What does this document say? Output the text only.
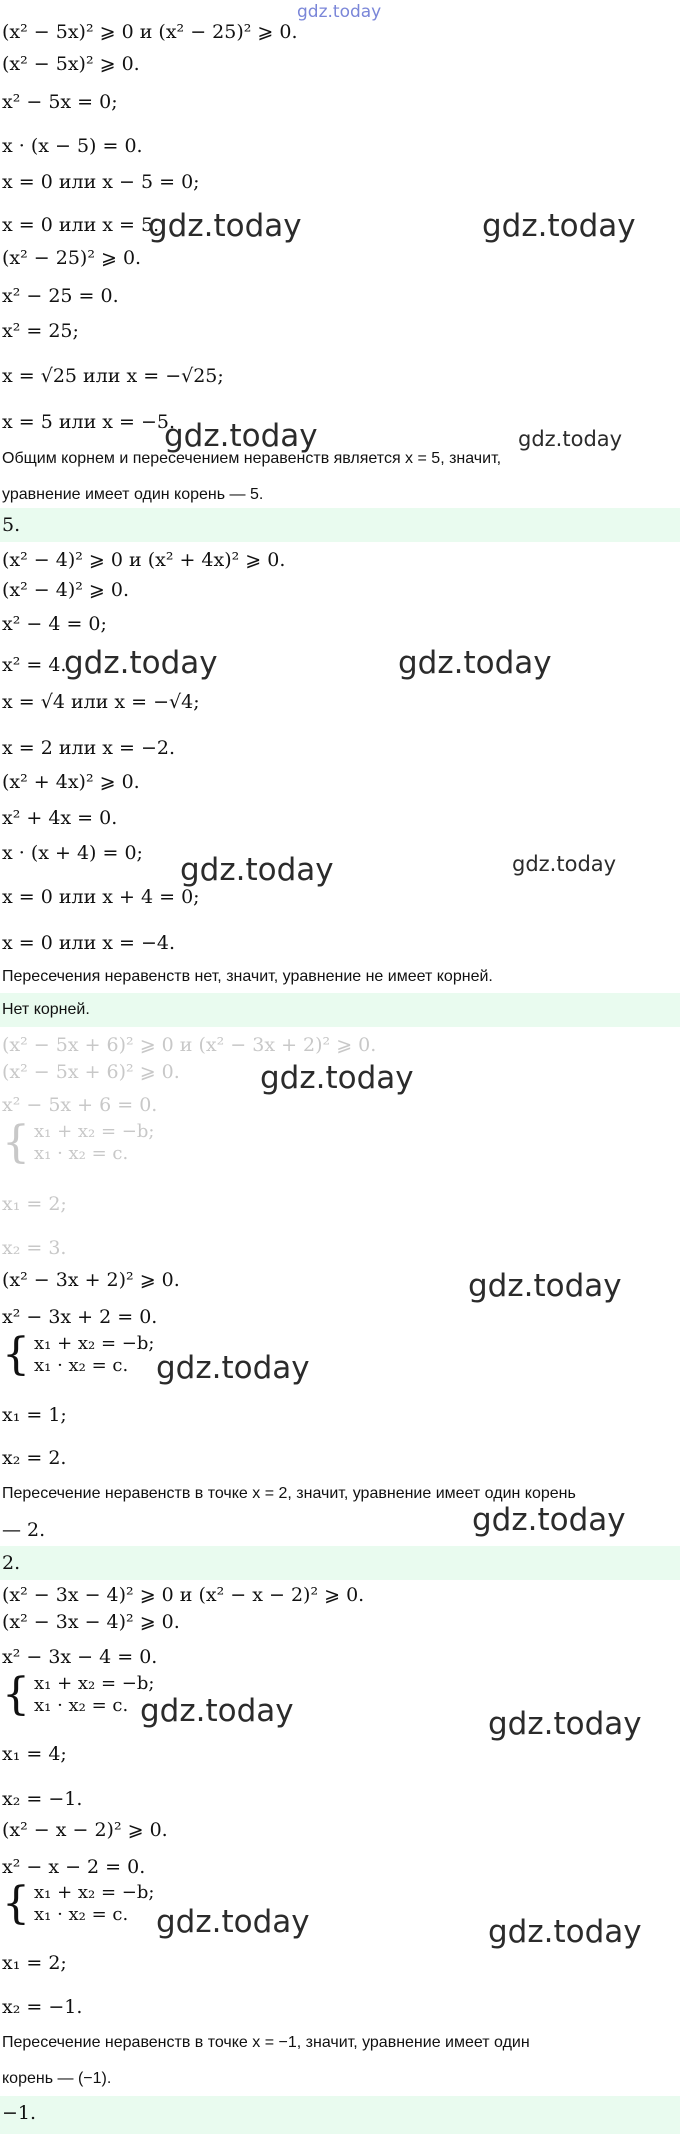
gdz.today
(x² − 5x)² ⩾ 0 и (x² − 25)² ⩾ 0.
(x² − 5x)² ⩾ 0.
x² − 5x = 0;
x · (x − 5) = 0.
x = 0 или x − 5 = 0;
x = 0 или x = 5.
(x² − 25)² ⩾ 0.
x² − 25 = 0.
x² = 25;
x = √25 или x = −√25;
x = 5 или x = −5.
Общим корнем и пересечением неравенств является x = 5, значит,
уравнение имеет один корень — 5.
5.
(x² − 4)² ⩾ 0 и (x² + 4x)² ⩾ 0.
(x² − 4)² ⩾ 0.
x² − 4 = 0;
x² = 4.
x = √4 или x = −√4;
x = 2 или x = −2.
(x² + 4x)² ⩾ 0.
x² + 4x = 0.
x · (x + 4) = 0;
x = 0 или x + 4 = 0;
x = 0 или x = −4.
Пересечения неравенств нет, значит, уравнение не имеет корней.
Нет корней.
(x² − 5x + 6)² ⩾ 0 и (x² − 3x + 2)² ⩾ 0.
(x² − 5x + 6)² ⩾ 0.
x² − 5x + 6 = 0.
{ x₁ + x₂ = −b;
x₁ · x₂ = c.
x₁ = 2;
x₂ = 3.
(x² − 3x + 2)² ⩾ 0.
x² − 3x + 2 = 0.
{ x₁ + x₂ = −b;
x₁ · x₂ = c.
x₁ = 1;
x₂ = 2.
Пересечение неравенств в точке x = 2, значит, уравнение имеет один корень
— 2.
2.
(x² − 3x − 4)² ⩾ 0 и (x² − x − 2)² ⩾ 0.
(x² − 3x − 4)² ⩾ 0.
x² − 3x − 4 = 0.
{ x₁ + x₂ = −b;
x₁ · x₂ = c.
x₁ = 4;
x₂ = −1.
(x² − x − 2)² ⩾ 0.
x² − x − 2 = 0.
{ x₁ + x₂ = −b;
x₁ · x₂ = c.
x₁ = 2;
x₂ = −1.
Пересечение неравенств в точке x = −1, значит, уравнение имеет один
корень — (−1).
−1.
gdz.today	gdz.today
gdz.today	gdz.today
gdz.today	gdz.today
gdz.today	gdz.today
gdz.today
gdz.today
gdz.today
gdz.today
gdz.today	gdz.today
gdz.today	gdz.today
